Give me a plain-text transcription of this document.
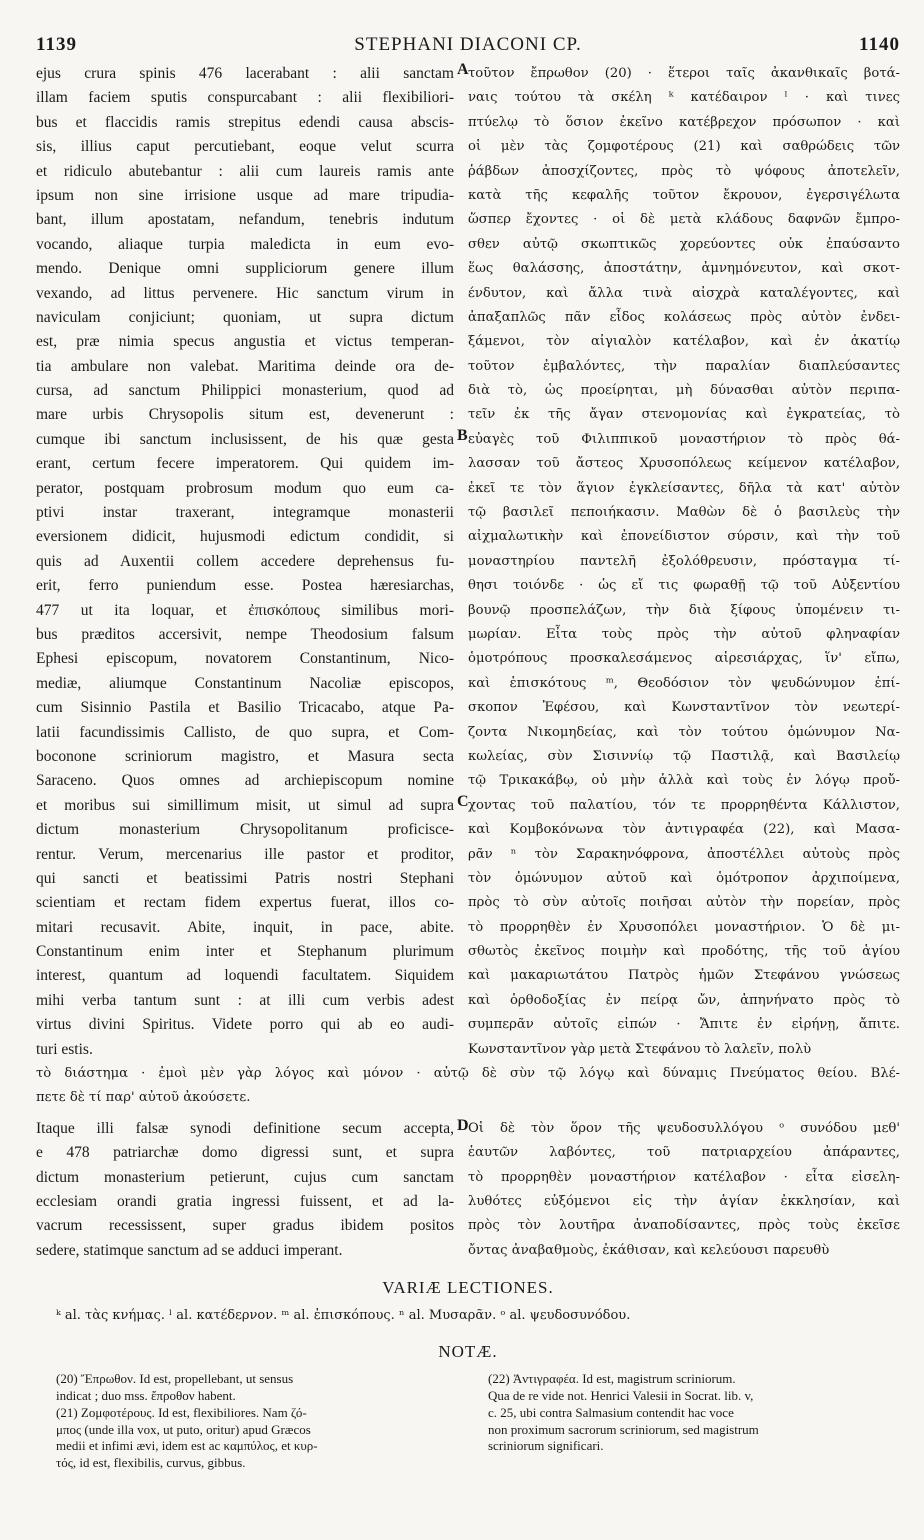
1139	STEPHANI DIACONI CP.	1140
ejus crura spinis 476 lacerabant : alii sanctam
illam faciem sputis conspurcabant : alii flexibiliori-
bus et flaccidis ramis strepitus edendi causa abscis-
sis, illius caput percutiebant, eoque velut scurra
et ridiculo abutebantur : alii cum laureis ramis ante
ipsum non sine irrisione usque ad mare tripudia-
bant, illum apostatam, nefandum, tenebris indutum
vocando, aliaque turpia maledicta in eum evo-
mendo. Denique omni suppliciorum genere illum
vexando, ad littus pervenere. Hic sanctum virum in
naviculam conjiciunt; quoniam, ut supra dictum
est, præ nimia specus angustia et victus temperan-
tia ambulare non valebat. Maritima deinde ora de-
cursa, ad sanctum Philippici monasterium, quod ad
mare urbis Chrysopolis situm est, devenerunt :
cumque ibi sanctum inclusissent, de his quæ gesta
erant, certum fecere imperatorem. Qui quidem im-
perator, postquam probrosum modum quo eum ca-
ptivi instar traxerant, integramque monasterii
eversionem didicit, hujusmodi edictum condidit, si
quis ad Auxentii collem accedere deprehensus fu-
erit, ferro puniendum esse. Postea hæresiarchas,
477 ut ita loquar, et ἐπισκόπους similibus mori-
bus præditos accersivit, nempe Theodosium falsum
Ephesi episcopum, novatorem Constantinum, Nico-
mediæ, aliumque Constantinum Nacoliæ episcopos,
cum Sisinnio Pastila et Basilio Tricacabo, atque Pa-
latii facundissimis Callisto, de quo supra, et Com-
boconone scriniorum magistro, et Masura secta
Saraceno. Quos omnes ad archiepiscopum nomine
et moribus sui simillimum misit, ut simul ad supra
dictum monasterium Chrysopolitanum proficisce-
rentur. Verum, mercenarius ille pastor et proditor,
qui sancti et beatissimi Patris nostri Stephani
scientiam et rectam fidem expertus fuerat, illos co-
mitari recusavit. Abite, inquit, in pace, abite.
Constantinum enim inter et Stephanum plurimum
interest, quantum ad loquendi facultatem. Siquidem
mihi verba tantum sunt : at illi cum verbis adest
virtus divini Spiritus. Videte porro qui ab eo audi-
turi estis.
τοῦτον ἔπρωθον (20) · ἕτεροι ταῖς ἀκανθικαῖς βοτά-
ναις τούτου τὰ σκέλη ᵏ κατέδαιρον ˡ · καὶ τινες
πτύελῳ τὸ ὅσιον ἐκεῖνο κατέβρεχον πρόσωπον · καὶ
οἱ μὲν τὰς ζομφοτέρους (21) καὶ σαθρώδεις τῶν
ῥάβδων ἀποσχίζοντες, πρὸς τὸ ψόφους ἀποτελεῖν,
κατὰ τῆς κεφαλῆς τοῦτον ἔκρουον, ἐγερσιγέλωτα
ὥσπερ ἔχοντες · οἱ δὲ μετὰ κλάδους δαφνῶν ἔμπρο-
σθεν αὐτῷ σκωπτικῶς χορεύοντες οὐκ ἐπαύσαντο
ἕως θαλάσσης, ἀποστάτην, ἀμνημόνευτον, καὶ σκοτ-
ένδυτον, καὶ ἄλλα τινὰ αἰσχρὰ καταλέγοντες, καὶ
ἀπαξαπλῶς πᾶν εἶδος κολάσεως πρὸς αὐτὸν ἐνδει-
ξάμενοι, τὸν αἰγιαλὸν κατέλαβον, καὶ ἐν ἀκατίῳ
τοῦτον ἐμβαλόντες, τὴν παραλίαν διαπλεύσαντες
διὰ τὸ, ὡς προείρηται, μὴ δύνασθαι αὐτὸν περιπα-
τεῖν ἐκ τῆς ἄγαν στενομονίας καὶ ἐγκρατείας, τὸ
εὐαγὲς τοῦ Φιλιππικοῦ μοναστήριον τὸ πρὸς θά-
λασσαν τοῦ ἄστεος Χρυσοπόλεως κείμενον κατέλαβον,
ἐκεῖ τε τὸν ἅγιον ἐγκλείσαντες, δῆλα τὰ κατ' αὐτὸν
τῷ βασιλεῖ πεποιήκασιν. Μαθὼν δὲ ὁ βασιλεὺς τὴν
αἰχμαλωτικὴν καὶ ἐπονείδιστον σύρσιν, καὶ τὴν τοῦ
μοναστηρίου παντελῆ ἐξολόθρευσιν, πρόσταγμα τί-
θησι τοιόνδε · ὡς εἴ τις φωραθῇ τῷ τοῦ Αὐξεντίου
βουνῷ προσπελάζων, τὴν διὰ ξίφους ὑπομένειν τι-
μωρίαν. Εἶτα τοὺς πρὸς τὴν αὐτοῦ φληναφίαν
ὁμοτρόπους προσκαλεσάμενος αἱρεσιάρχας, ἵν' εἴπω,
καὶ ἐπισκότους ᵐ, Θεοδόσιον τὸν ψευδώνυμον ἐπί-
σκοπον Ἐφέσου, καὶ Κωνσταντῖνον τὸν νεωτερί-
ζοντα Νικομηδείας, καὶ τὸν τούτου ὁμώνυμον Να-
κωλείας, σὺν Σισιννίῳ τῷ Παστιλᾷ, καὶ Βασιλείῳ
τῷ Τρικακάβῳ, οὐ μὴν ἀλλὰ καὶ τοὺς ἐν λόγῳ προὔ-
χοντας τοῦ παλατίου, τόν τε προρρηθέντα Κάλλιστον,
καὶ Κομβοκόνωνα τὸν ἀντιγραφέα (22), καὶ Μασα-
ρᾶν ⁿ τὸν Σαρακηνόφρονα, ἀποστέλλει αὐτοὺς πρὸς
τὸν ὁμώνυμον αὐτοῦ καὶ ὁμότροπον ἀρχιποίμενα,
πρὸς τὸ σὺν αὐτοῖς ποιῆσαι αὐτὸν τὴν πορείαν, πρὸς
τὸ προρρηθὲν ἐν Χρυσοπόλει μοναστήριον. Ὁ δὲ μι-
σθωτὸς ἐκεῖνος ποιμὴν καὶ προδότης, τῆς τοῦ ἁγίου
καὶ μακαριωτάτου Πατρὸς ἡμῶν Στεφάνου γνώσεως
καὶ ὀρθοδοξίας ἐν πείρᾳ ὤν, ἀπηνήνατο πρὸς τὸ
συμπερᾶν αὐτοῖς εἰπών · Ἄπιτε ἐν εἰρήνῃ, ἄπιτε.
Κωνσταντῖνον γὰρ μετὰ Στεφάνου τὸ λαλεῖν, πολὺ
A
B
C
τὸ διάστημα · ἐμοὶ μὲν γὰρ λόγος καὶ μόνον · αὐτῷ δὲ σὺν τῷ λόγῳ καὶ δύναμις Πνεύματος θείου. Βλέ-
πετε δὲ τί παρ' αὐτοῦ ἀκούσετε.
Itaque illi falsæ synodi definitione secum accepta,
e 478 patriarchæ domo digressi sunt, et supra
dictum monasterium petierunt, cujus cum sanctam
ecclesiam orandi gratia ingressi fuissent, et ad la-
vacrum recessissent, super gradus ibidem positos
sedere, statimque sanctum ad se adduci imperant.
D Οἱ δὲ τὸν ὅρον τῆς ψευδοσυλλόγου ᵒ συνόδου μεθ'
ἑαυτῶν λαβόντες, τοῦ πατριαρχείου ἀπάραντες,
τὸ προρρηθὲν μοναστήριον κατέλαβον · εἶτα εἰσελη-
λυθότες εὐξόμενοι εἰς τὴν ἁγίαν ἐκκλησίαν, καὶ
πρὸς τὸν λουτῆρα ἀναποδίσαντες, πρὸς τοὺς ἐκεῖσε
ὄντας ἀναβαθμοὺς, ἐκάθισαν, καὶ κελεύουσι παρευθὺ
VARIÆ LECTIONES.
ᵏ al. τὰς κνήμας. ˡ al. κατέδερνον. ᵐ al. ἐπισκόπους. ⁿ al. Μυσαρᾶν. ᵒ al. ψευδοσυνόδου.
NOTÆ.
(20) Ἔπρωθον. Id est, propellebant, ut sensus
indicat ; duo mss. ἔπροθον habent.
(21) Ζομφοτέρους. Id est, flexibiliores. Nam ζό-
μπος (unde illa vox, ut puto, oritur) apud Græcos
medii et infimi ævi, idem est ac καμπύλος, et κυρ-
τός, id est, flexibilis, curvus, gibbus.
(22) Ἀντιγραφέα. Id est, magistrum scriniorum.
Qua de re vide not. Henrici Valesii in Socrat. lib. v,
c. 25, ubi contra Salmasium contendit hac voce
non proximum sacrorum scriniorum, sed magistrum
scriniorum significari.
